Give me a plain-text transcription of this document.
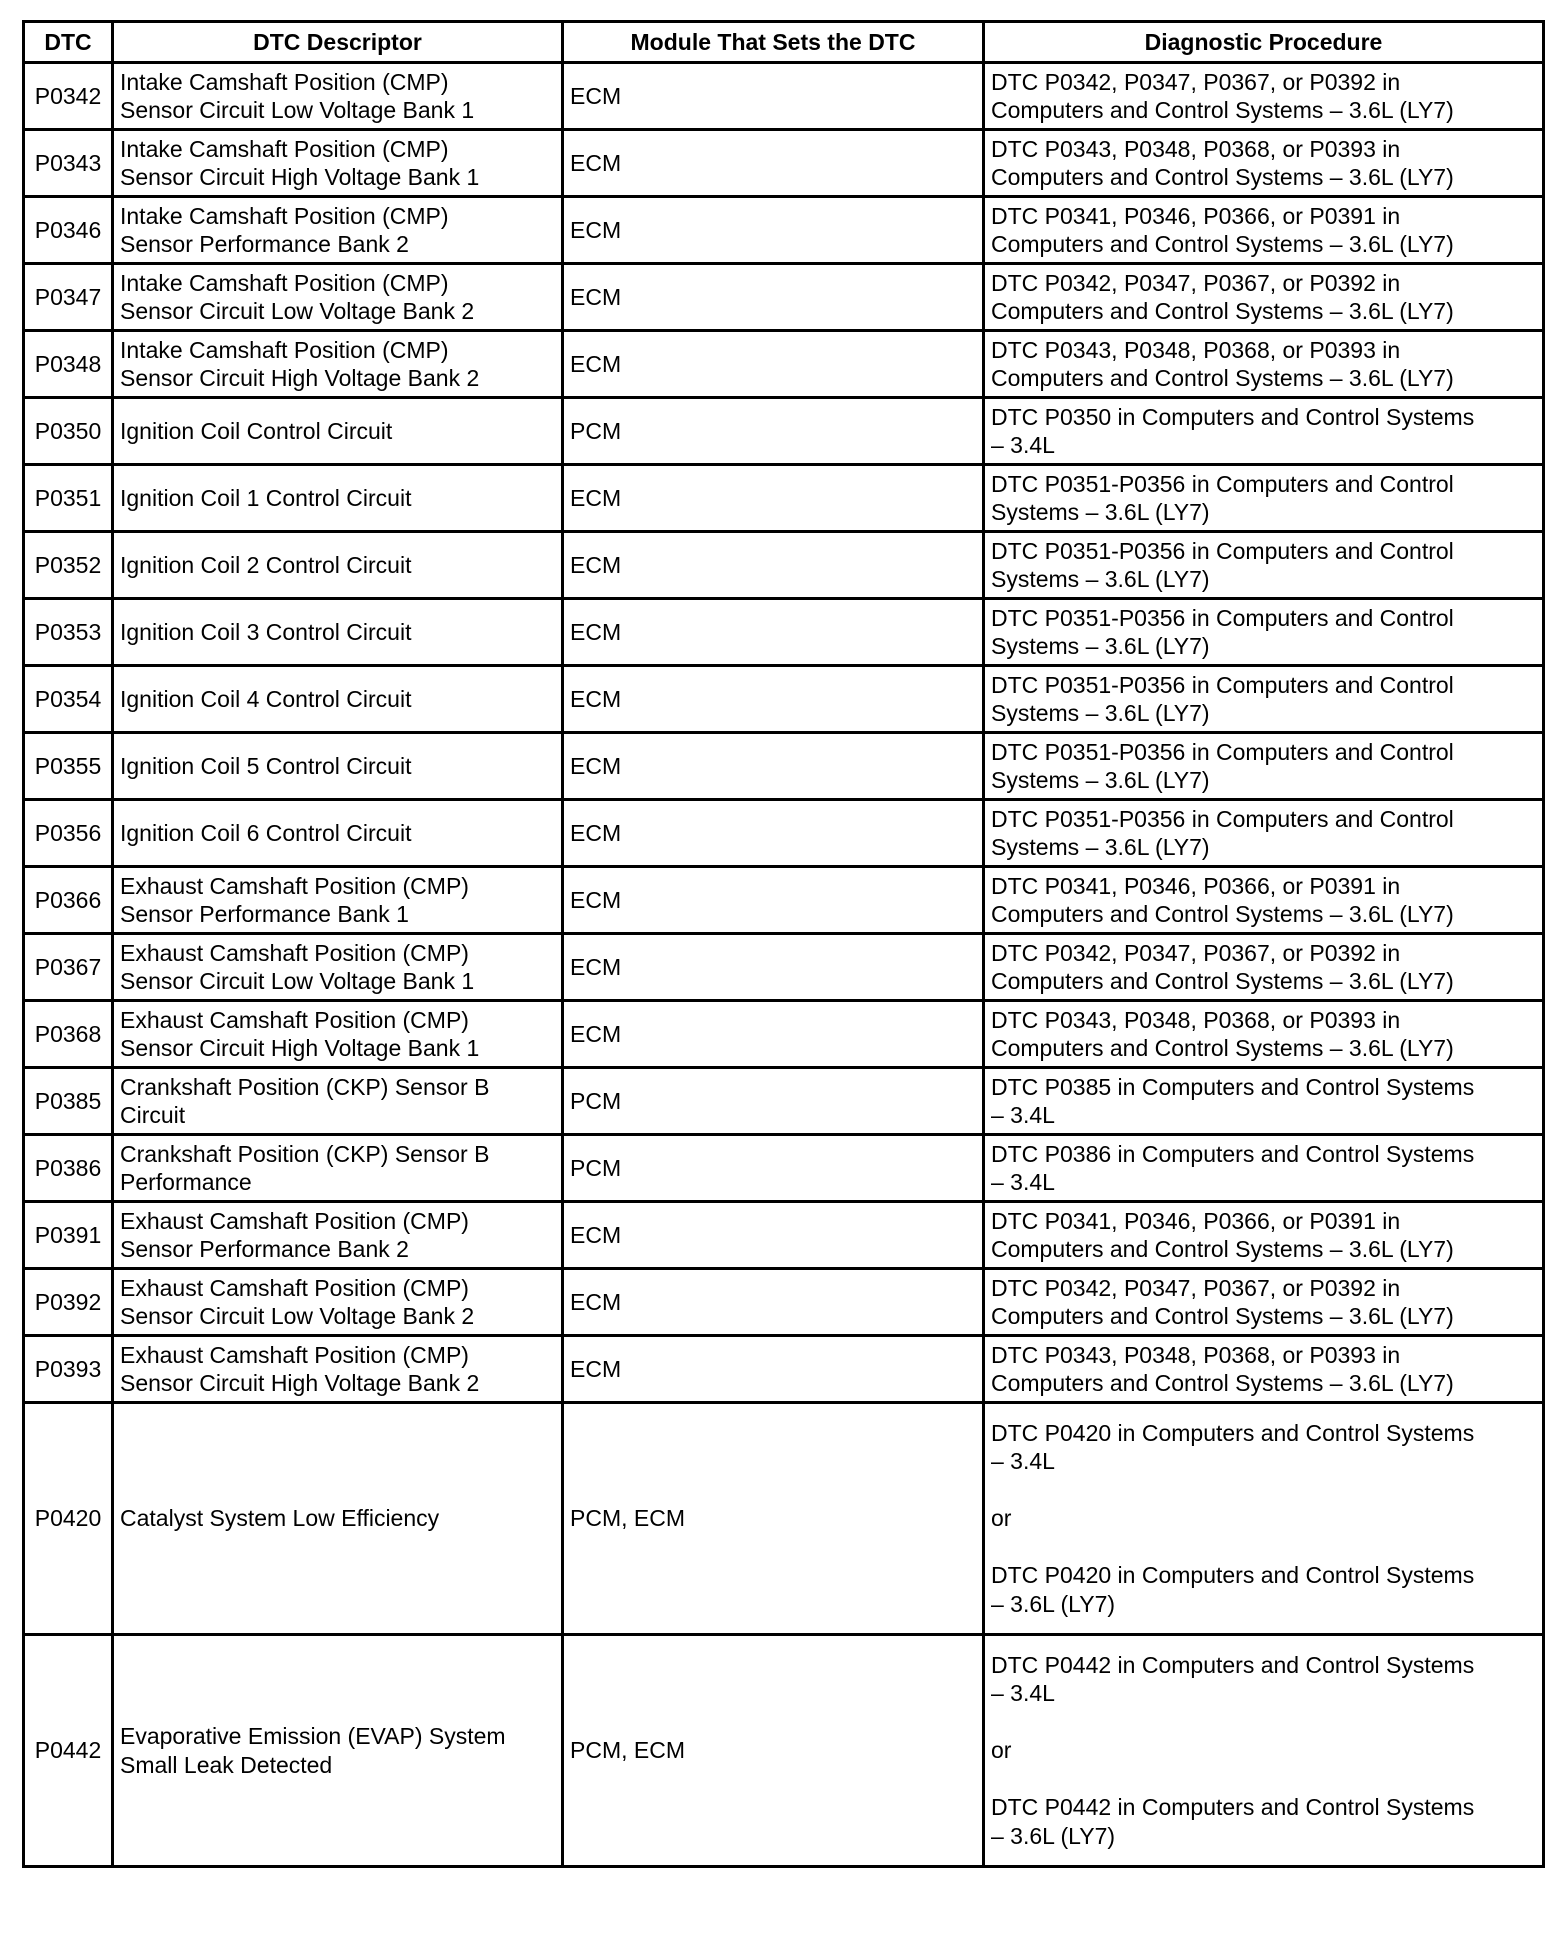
DTC	DTC Descriptor	Module That Sets the DTC	Diagnostic Procedure
P0342	Intake Camshaft Position (CMP)
Sensor Circuit Low Voltage Bank 1	ECM	DTC P0342, P0347, P0367, or P0392 in
Computers and Control Systems – 3.6L (LY7)

P0343	Intake Camshaft Position (CMP)
Sensor Circuit High Voltage Bank 1	ECM	DTC P0343, P0348, P0368, or P0393 in
Computers and Control Systems – 3.6L (LY7)

P0346	Intake Camshaft Position (CMP)
Sensor Performance Bank 2	ECM	DTC P0341, P0346, P0366, or P0391 in
Computers and Control Systems – 3.6L (LY7)

P0347	Intake Camshaft Position (CMP)
Sensor Circuit Low Voltage Bank 2	ECM	DTC P0342, P0347, P0367, or P0392 in
Computers and Control Systems – 3.6L (LY7)

P0348	Intake Camshaft Position (CMP)
Sensor Circuit High Voltage Bank 2	ECM	DTC P0343, P0348, P0368, or P0393 in
Computers and Control Systems – 3.6L (LY7)

P0350	Ignition Coil Control Circuit	PCM	DTC P0350 in Computers and Control Systems
– 3.4L

P0351	Ignition Coil 1 Control Circuit	ECM	DTC P0351-P0356 in Computers and Control
Systems – 3.6L (LY7)

P0352	Ignition Coil 2 Control Circuit	ECM	DTC P0351-P0356 in Computers and Control
Systems – 3.6L (LY7)

P0353	Ignition Coil 3 Control Circuit	ECM	DTC P0351-P0356 in Computers and Control
Systems – 3.6L (LY7)

P0354	Ignition Coil 4 Control Circuit	ECM	DTC P0351-P0356 in Computers and Control
Systems – 3.6L (LY7)

P0355	Ignition Coil 5 Control Circuit	ECM	DTC P0351-P0356 in Computers and Control
Systems – 3.6L (LY7)

P0356	Ignition Coil 6 Control Circuit	ECM	DTC P0351-P0356 in Computers and Control
Systems – 3.6L (LY7)

P0366	Exhaust Camshaft Position (CMP)
Sensor Performance Bank 1	ECM	DTC P0341, P0346, P0366, or P0391 in
Computers and Control Systems – 3.6L (LY7)

P0367	Exhaust Camshaft Position (CMP)
Sensor Circuit Low Voltage Bank 1	ECM	DTC P0342, P0347, P0367, or P0392 in
Computers and Control Systems – 3.6L (LY7)

P0368	Exhaust Camshaft Position (CMP)
Sensor Circuit High Voltage Bank 1	ECM	DTC P0343, P0348, P0368, or P0393 in
Computers and Control Systems – 3.6L (LY7)

P0385	Crankshaft Position (CKP) Sensor B
Circuit	PCM	DTC P0385 in Computers and Control Systems
– 3.4L

P0386	Crankshaft Position (CKP) Sensor B
Performance	PCM	DTC P0386 in Computers and Control Systems
– 3.4L

P0391	Exhaust Camshaft Position (CMP)
Sensor Performance Bank 2	ECM	DTC P0341, P0346, P0366, or P0391 in
Computers and Control Systems – 3.6L (LY7)

P0392	Exhaust Camshaft Position (CMP)
Sensor Circuit Low Voltage Bank 2	ECM	DTC P0342, P0347, P0367, or P0392 in
Computers and Control Systems – 3.6L (LY7)

P0393	Exhaust Camshaft Position (CMP)
Sensor Circuit High Voltage Bank 2	ECM	DTC P0343, P0348, P0368, or P0393 in
Computers and Control Systems – 3.6L (LY7)

P0420	Catalyst System Low Efficiency	PCM, ECM	DTC P0420 in Computers and Control Systems
– 3.4L
or
DTC P0420 in Computers and Control Systems
– 3.6L (LY7)

P0442	Evaporative Emission (EVAP) System
Small Leak Detected	PCM, ECM	DTC P0442 in Computers and Control Systems
– 3.4L
or
DTC P0442 in Computers and Control Systems
– 3.6L (LY7)
